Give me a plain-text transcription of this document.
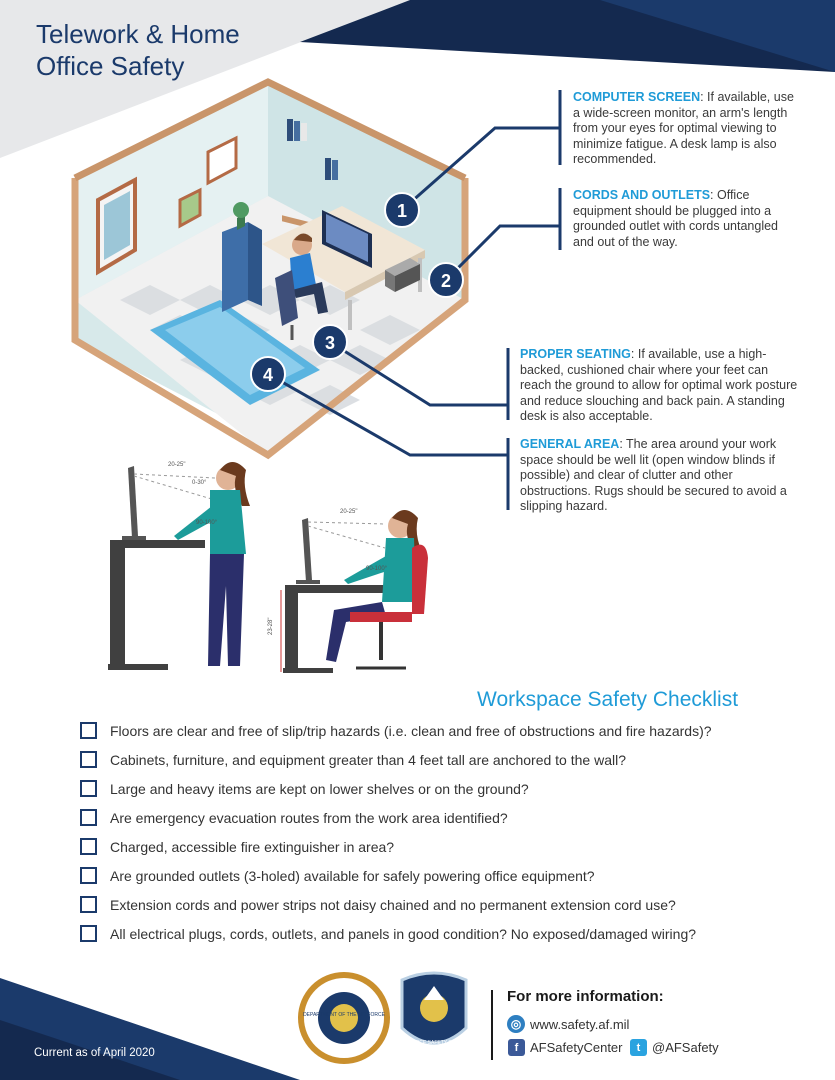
1
2
3
4
Telework & Home
Office Safety
COMPUTER SCREEN: If available, use a wide-screen monitor, an arm's length from your eyes for optimal viewing to minimize fatigue. A desk lamp is also recommended.
CORDS AND OUTLETS: Office equipment should be plugged into a grounded outlet with cords untangled and out of the way.
PROPER SEATING: If available, use a high-backed, cushioned chair where your feet can reach the ground to allow for optimal work posture and reduce slouching and back pain. A standing desk is also acceptable.
GENERAL AREA: The area around your work space should be well lit (open window blinds if possible) and clear of clutter and other obstructions. Rugs should be secured to avoid a slipping hazard.
20-25"
0-30°
90-100°
20-25"
90-100°
23-28"
DEPARTMENT OF THE AIR FORCE
AIR FORCE SAFETY CENTER
Workspace Safety Checklist
Floors are clear and free of slip/trip hazards (i.e. clean and free of obstructions and fire hazards)?
Cabinets, furniture, and equipment greater than 4 feet tall are anchored to the wall?
Large and heavy items are kept on lower shelves or on the ground?
Are emergency evacuation routes from the work area identified?
Charged, accessible fire extinguisher in area?
Are grounded outlets (3-holed) available for safely powering office equipment?
Extension cords and power strips not daisy chained and no permanent extension cord use?
All electrical plugs, cords, outlets, and panels in good condition? No exposed/damaged wiring?
Current as of April 2020
For more information:
◎ www.safety.af.mil
f AFSafetyCenter	t @AFSafety
